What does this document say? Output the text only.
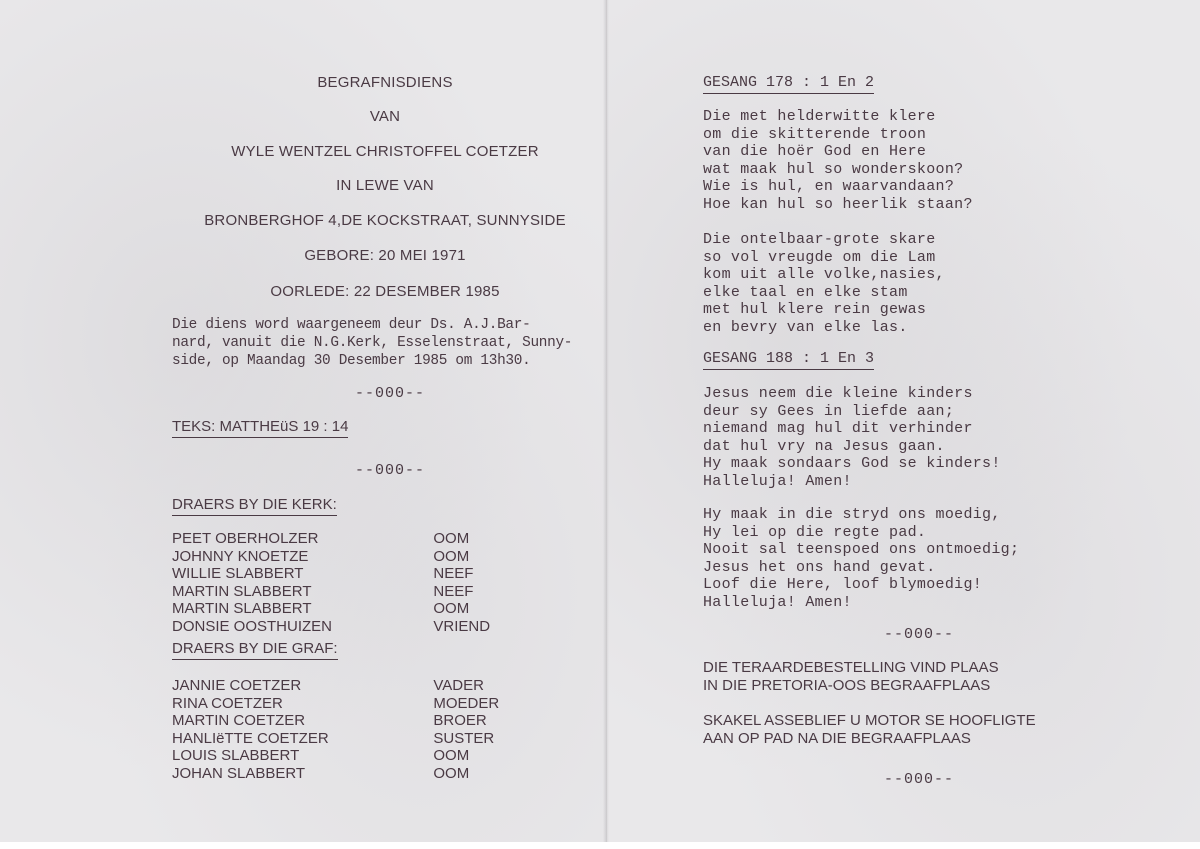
BEGRAFNISDIENS
VAN
WYLE WENTZEL CHRISTOFFEL COETZER
IN LEWE VAN
BRONBERGHOF 4,DE KOCKSTRAAT, SUNNYSIDE
GEBORE: 20 MEI 1971
OORLEDE: 22 DESEMBER 1985
Die diens word waargeneem deur Ds. A.J.Bar-
nard, vanuit die N.G.Kerk, Esselenstraat, Sunny-
side, op Maandag 30 Desember 1985 om 13h30.
--000--
TEKS: MATTHEüS 19 : 14
--000--
DRAERS BY DIE KERK:
PEET OBERHOLZER	OOM
JOHNNY KNOETZE	OOM
WILLIE SLABBERT	NEEF
MARTIN SLABBERT	NEEF
MARTIN SLABBERT	OOM
DONSIE OOSTHUIZEN	VRIEND
DRAERS BY DIE GRAF:
JANNIE COETZER	VADER
RINA COETZER	MOEDER
MARTIN COETZER	BROER
HANLIëTTE COETZER	SUSTER
LOUIS SLABBERT	OOM
JOHAN SLABBERT	OOM
GESANG 178 : 1 En 2
Die met helderwitte klere
om die skitterende troon
van die hoër God en Here
wat maak hul so wonderskoon?
Wie is hul, en waarvandaan?
Hoe kan hul so heerlik staan?
Die ontelbaar-grote skare
so vol vreugde om die Lam
kom uit alle volke,nasies,
elke taal en elke stam
met hul klere rein gewas
en bevry van elke las.
GESANG 188 : 1 En 3
Jesus neem die kleine kinders
deur sy Gees in liefde aan;
niemand mag hul dit verhinder
dat hul vry na Jesus gaan.
Hy maak sondaars God se kinders!
Halleluja! Amen!
Hy maak in die stryd ons moedig,
Hy lei op die regte pad.
Nooit sal teenspoed ons ontmoedig;
Jesus het ons hand gevat.
Loof die Here, loof blymoedig!
Halleluja! Amen!
--000--
DIE TERAARDEBESTELLING VIND PLAAS
IN DIE PRETORIA-OOS BEGRAAFPLAAS
SKAKEL ASSEBLIEF U MOTOR SE HOOFLIGTE
AAN OP PAD NA DIE BEGRAAFPLAAS
--000--
